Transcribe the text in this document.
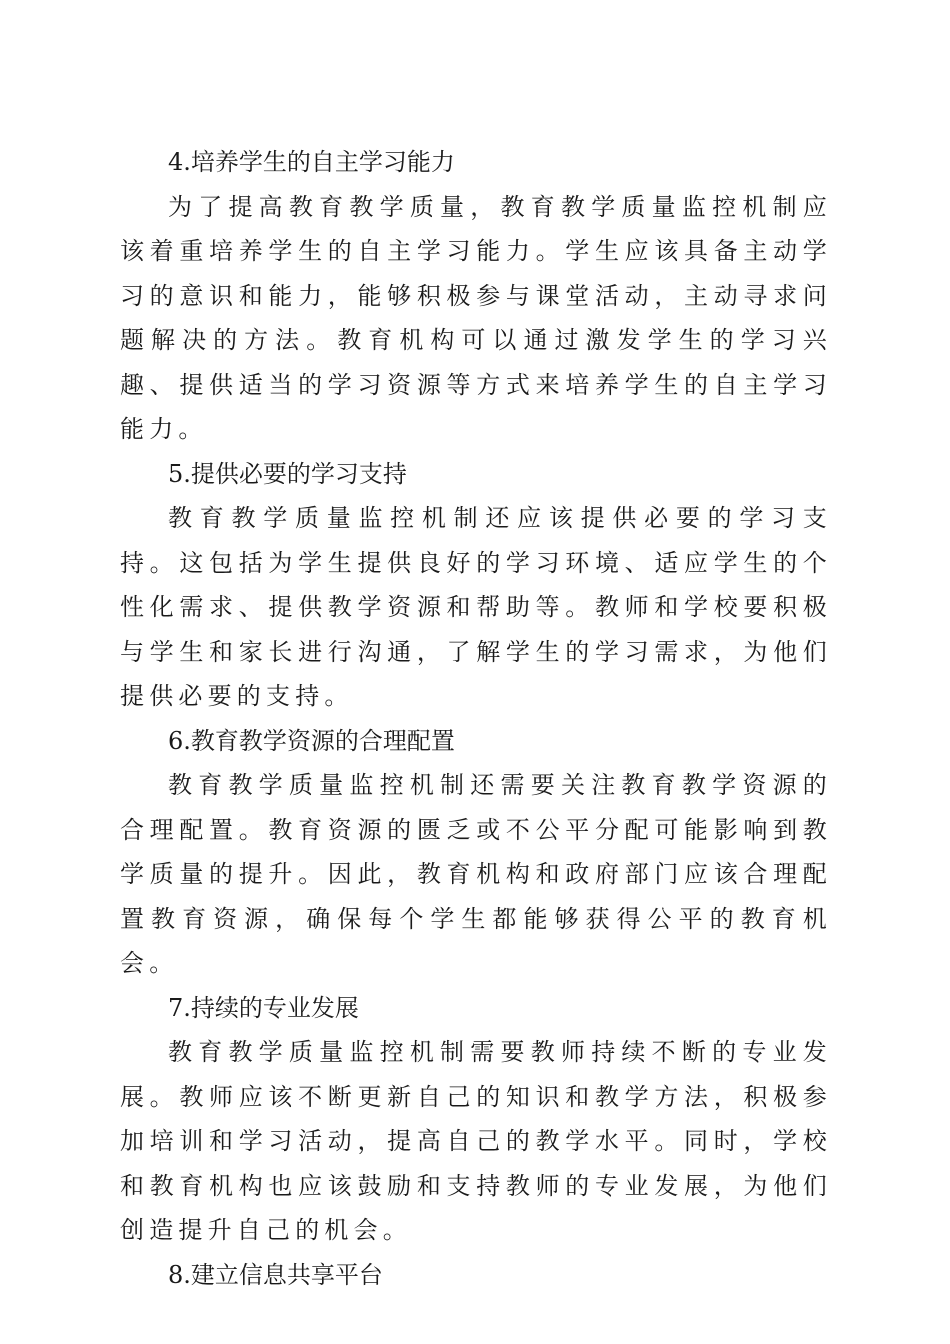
4.培养学生的自主学习能力

为了提高教育教学质量，教育教学质量监控机制应该着重培养学生的自主学习能力。学生应该具备主动学习的意识和能力，能够积极参与课堂活动，主动寻求问题解决的方法。教育机构可以通过激发学生的学习兴趣、提供适当的学习资源等方式来培养学生的自主学习能力。

5.提供必要的学习支持

教育教学质量监控机制还应该提供必要的学习支持。这包括为学生提供良好的学习环境、适应学生的个性化需求、提供教学资源和帮助等。教师和学校要积极与学生和家长进行沟通，了解学生的学习需求，为他们提供必要的支持。

6.教育教学资源的合理配置

教育教学质量监控机制还需要关注教育教学资源的合理配置。教育资源的匮乏或不公平分配可能影响到教学质量的提升。因此，教育机构和政府部门应该合理配置教育资源，确保每个学生都能够获得公平的教育机会。

7.持续的专业发展

教育教学质量监控机制需要教师持续不断的专业发展。教师应该不断更新自己的知识和教学方法，积极参加培训和学习活动，提高自己的教学水平。同时，学校和教育机构也应该鼓励和支持教师的专业发展，为他们创造提升自己的机会。

8.建立信息共享平台
